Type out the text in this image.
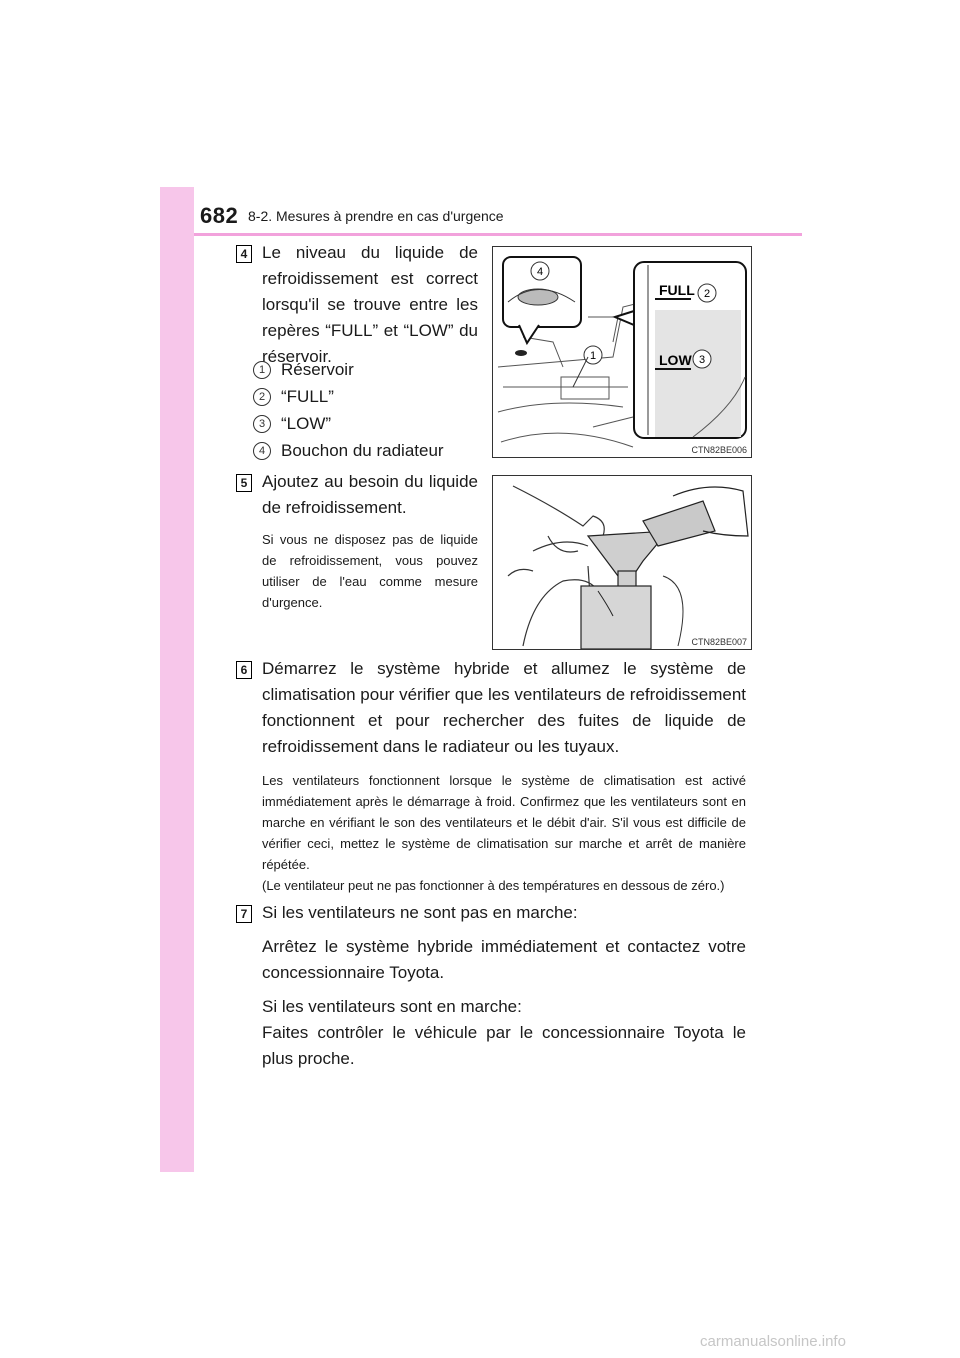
682 8-2. Mesures à prendre en cas d'urgence
4 Le niveau du liquide de refroidissement est correct lorsqu'il se trouve entre les repères “FULL” et “LOW” du réservoir.

1 Réservoir
2 “FULL”
3 “LOW”
4 Bouchon du radiateur
4
1
FULL
LOW
2
3
CTN82BE006
5 Ajoutez au besoin du liquide de refroidissement.

Si vous ne disposez pas de liquide de refroidissement, vous pouvez utiliser de l'eau comme mesure d'urgence.

CTN82BE007
6 Démarrez le système hybride et allumez le système de climatisation pour vérifier que les ventilateurs de refroidissement fonctionnent et pour rechercher des fuites de liquide de refroidissement dans le radiateur ou les tuyaux.

Les ventilateurs fonctionnent lorsque le système de climatisation est activé immédiatement après le démarrage à froid. Confirmez que les ventilateurs sont en marche en vérifiant le son des ventilateurs et le débit d'air. S'il vous est difficile de vérifier ceci, mettez le système de climatisation sur marche et arrêt de manière répétée.

(Le ventilateur peut ne pas fonctionner à des températures en dessous de zéro.)

7 Si les ventilateurs ne sont pas en marche:

Arrêtez le système hybride immédiatement et contactez votre concessionnaire Toyota.

Si les ventilateurs sont en marche:

Faites contrôler le véhicule par le concessionnaire Toyota le plus proche.

carmanualsonline.info
